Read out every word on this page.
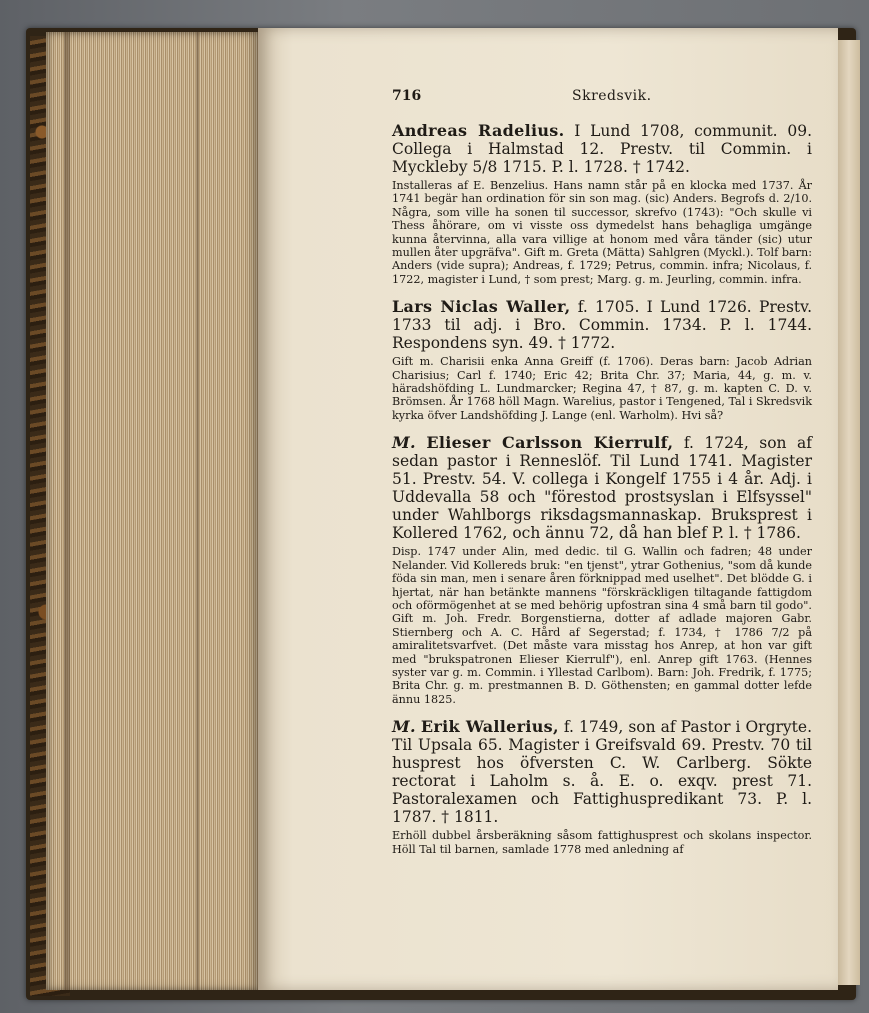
716	Skredsvik.

Andreas Radelius. I Lund 1708, communit. 09. Collega i Halmstad 12. Prestv. til Commin. i Myckleby 5/8 1715. P. l. 1728. † 1742.

Installeras af E. Benzelius. Hans namn står på en klocka med 1737. År 1741 begär han ordination för sin son mag. (sic) Anders. Begrofs d. 2/10. Några, som ville ha sonen til successor, skrefvo (1743): "Och skulle vi Thess åhörare, om vi visste oss dymedelst hans behagliga umgänge kunna återvinna, alla vara villige at honom med våra tänder (sic) utur mullen åter upgräfva". Gift m. Greta (Mätta) Sahlgren (Myckl.). Tolf barn: Anders (vide supra); Andreas, f. 1729; Petrus, commin. infra; Nicolaus, f. 1722, magister i Lund, † som prest; Marg. g. m. Jeurling, commin. infra.

Lars Niclas Waller, f. 1705. I Lund 1726. Prestv. 1733 til adj. i Bro. Commin. 1734. P. l. 1744. Respondens syn. 49. † 1772.

Gift m. Charisii enka Anna Greiff (f. 1706). Deras barn: Jacob Adrian Charisius; Carl f. 1740; Eric 42; Brita Chr. 37; Maria, 44, g. m. v. häradshöfding L. Lundmarcker; Regina 47, † 87, g. m. kapten C. D. v. Brömsen. År 1768 höll Magn. Warelius, pastor i Tengened, Tal i Skredsvik kyrka öfver Landshöfding J. Lange (enl. Warholm). Hvi så?

M. Elieser Carlsson Kierrulf, f. 1724, son af sedan pastor i Renneslöf. Til Lund 1741. Magister 51. Prestv. 54. V. collega i Kongelf 1755 i 4 år. Adj. i Uddevalla 58 och "förestod prostsyslan i Elfsyssel" under Wahlborgs riksdagsmannaskap. Bruksprest i Kollered 1762, och ännu 72, då han blef P. l. † 1786.

Disp. 1747 under Alin, med dedic. til G. Wallin och fadren; 48 under Nelander. Vid Kollereds bruk: "en tjenst", ytrar Gothenius, "som då kunde föda sin man, men i senare åren förknippad med uselhet". Det blödde G. i hjertat, när han betänkte mannens "förskräckligen tiltagande fattigdom och oförmögenhet at se med behörig upfostran sina 4 små barn til godo". Gift m. Joh. Fredr. Borgenstierna, dotter af adlade majoren Gabr. Stiernberg och A. C. Hård af Segerstad; f. 1734, † 1786 7/2 på amiralitetsvarfvet. (Det måste vara misstag hos Anrep, at hon var gift med "brukspatronen Elieser Kierrulf"), enl. Anrep gift 1763. (Hennes syster var g. m. Commin. i Yllestad Carlbom). Barn: Joh. Fredrik, f. 1775; Brita Chr. g. m. prestmannen B. D. Göthensten; en gammal dotter lefde ännu 1825.

M. Erik Wallerius, f. 1749, son af Pastor i Orgryte. Til Upsala 65. Magister i Greifsvald 69. Prestv. 70 til husprest hos öfversten C. W. Carlberg. Sökte rectorat i Laholm s. å. E. o. exqv. prest 71. Pastoralexamen och Fattighuspredikant 73. P. l. 1787. † 1811.

Erhöll dubbel årsberäkning såsom fattighusprest och skolans inspector. Höll Tal til barnen, samlade 1778 med anledning af
